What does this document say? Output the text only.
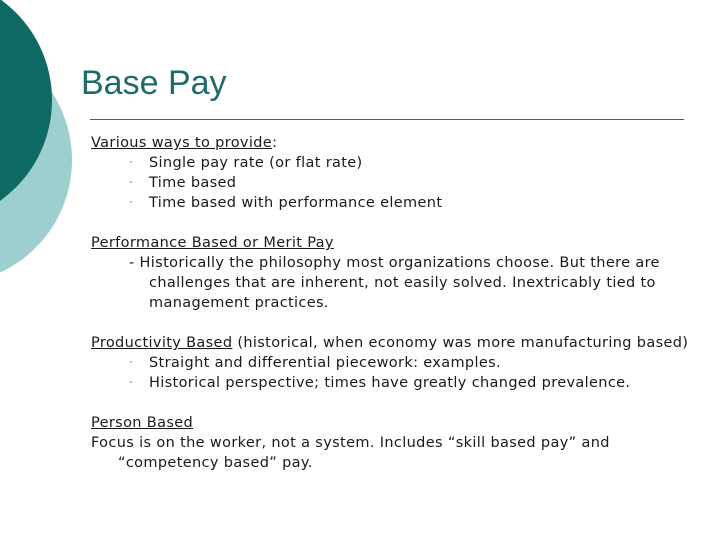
Base Pay
Various ways to provide:
- Single pay rate (or flat rate)
- Time based
- Time based with performance element
Performance Based or Merit Pay
- Historically the philosophy most organizations choose. But there are challenges that are inherent, not easily solved. Inextricably tied to management practices.
Productivity Based (historical, when economy was more manufacturing based)
- Straight and differential piecework: examples.
- Historical perspective; times have greatly changed prevalence.
Person Based
Focus is on the worker, not a system. Includes “skill based pay” and “competency based” pay.
